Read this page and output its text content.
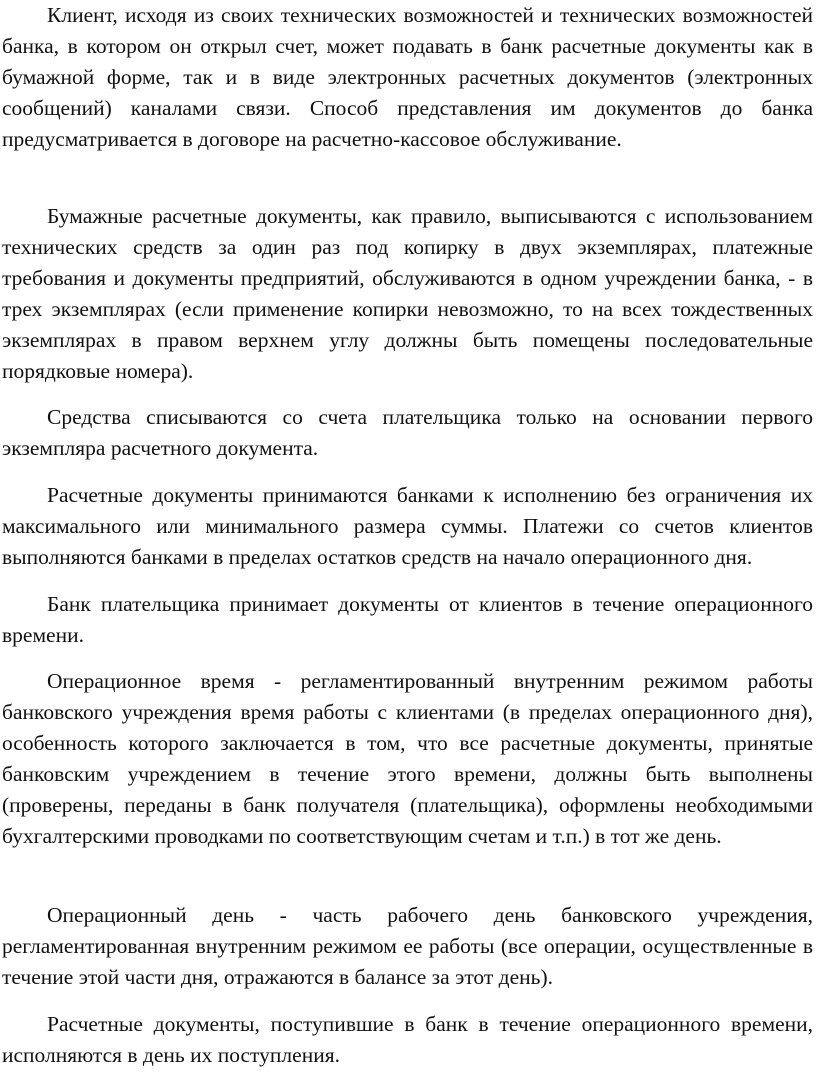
Клиент, исходя из своих технических возможностей и технических возможностей банка, в котором он открыл счет, может подавать в банк расчетные документы как в бумажной форме, так и в виде электронных расчетных документов (электронных сообщений) каналами связи. Способ представления им документов до банка предусматривается в договоре на расчетно-кассовое обслуживание.

Бумажные расчетные документы, как правило, выписываются с использованием технических средств за один раз под копирку в двух экземплярах, платежные требования и документы предприятий, обслуживаются в одном учреждении банка, - в трех экземплярах (если применение копирки невозможно, то на всех тождественных экземплярах в правом верхнем углу должны быть помещены последовательные порядковые номера).

Средства списываются со счета плательщика только на основании первого экземпляра расчетного документа.

Расчетные документы принимаются банками к исполнению без ограничения их максимального или минимального размера суммы. Платежи со счетов клиентов выполняются банками в пределах остатков средств на начало операционного дня.

Банк плательщика принимает документы от клиентов в течение операционного времени.

Операционное время - регламентированный внутренним режимом работы банковского учреждения время работы с клиентами (в пределах операционного дня), особенность которого заключается в том, что все расчетные документы, принятые банковским учреждением в течение этого времени, должны быть выполнены (проверены, переданы в банк получателя (плательщика), оформлены необходимыми бухгалтерскими проводками по соответствующим счетам и т.п.) в тот же день.

Операционный день - часть рабочего день банковского учреждения, регламентированная внутренним режимом ее работы (все операции, осуществленные в течение этой части дня, отражаются в балансе за этот день).

Расчетные документы, поступившие в банк в течение операционного времени, исполняются в день их поступления.
